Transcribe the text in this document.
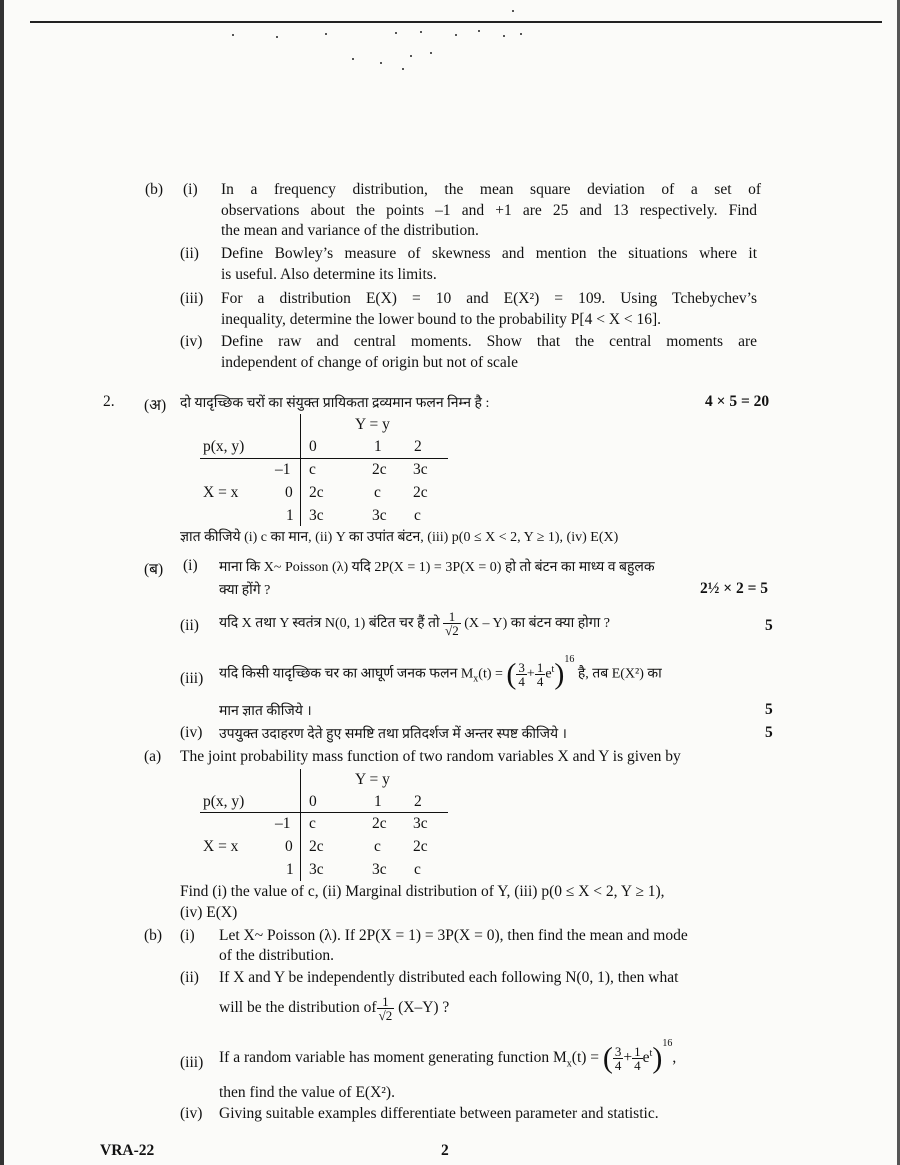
(b) (i) In a frequency distribution, the mean square deviation of a set of
observations about the points –1 and +1 are 25 and 13 respectively. Find
the mean and variance of the distribution.
(ii) Define Bowley’s measure of skewness and mention the situations where it
is useful. Also determine its limits.
(iii) For a distribution E(X) = 10 and E(X²) = 109. Using Tchebychev’s
inequality, determine the lower bound to the probability P[4 < X < 16].
(iv) Define raw and central moments. Show that the central moments are
independent of change of origin but not of scale
2. (अ) दो यादृच्छिक चरों का संयुक्त प्रायिकता द्रव्यमान फलन निम्न है :	4 × 5 = 20
Y = y
p(x, y)	0	1 2
–1 c	2c 3c
X = x	0 2c	c 2c
1 3c	3c c
ज्ञात कीजिये (i) c का मान, (ii) Y का उपांत बंटन, (iii) p(0 ≤ X < 2, Y ≥ 1), (iv) E(X)
(ब) (i) माना कि X~ Poisson (λ) यदि 2P(X = 1) = 3P(X = 0) हो तो बंटन का माध्य व बहुलक
क्या होंगे ?	2½ × 2 = 5
(ii) यदि X तथा Y स्वतंत्र N(0, 1) बंटित चर हैं तो $\frac{1}{√2} (X - Y)$ का बंटन क्या होगा ?	5
(iii) यदि किसी यादृच्छिक चर का आघूर्ण जनक फलन $M_x(t)$ = ( $\frac{3}{4} + \frac{1}{4} e^t)^{16}$ है, तब E(X²) का
मान ज्ञात कीजिये ।	5
(iv) उपयुक्त उदाहरण देते हुए समष्टि तथा प्रतिदर्शज में अन्तर स्पष्ट कीजिये ।	5
(a) The joint probability mass function of two random variables X and Y is given by
Y = y
p(x, y)	0	1 2
–1 c	2c 3c
X = x	0 2c	c 2c
1 3c	3c c
Find (i) the value of c, (ii) Marginal distribution of Y, (iii) p(0 ≤ X < 2, Y ≥ 1),
(iv) E(X)
(b) (i) Let X~ Poisson (λ). If 2P(X = 1) = 3P(X = 0), then find the mean and mode
of the distribution.
(ii) If X and Y be independently distributed each following N(0, 1), then what
will be the distribution of $\frac{1}{√2} (X-Y)$ ?
(iii) If a random variable has moment generating function $M_x(t)$ = ( $\frac{3}{4} + \frac{1}{4} e^t)^{16}$,
then find the value of E(X²).
(iv) Giving suitable examples differentiate between parameter and statistic.
VRA-22	2
